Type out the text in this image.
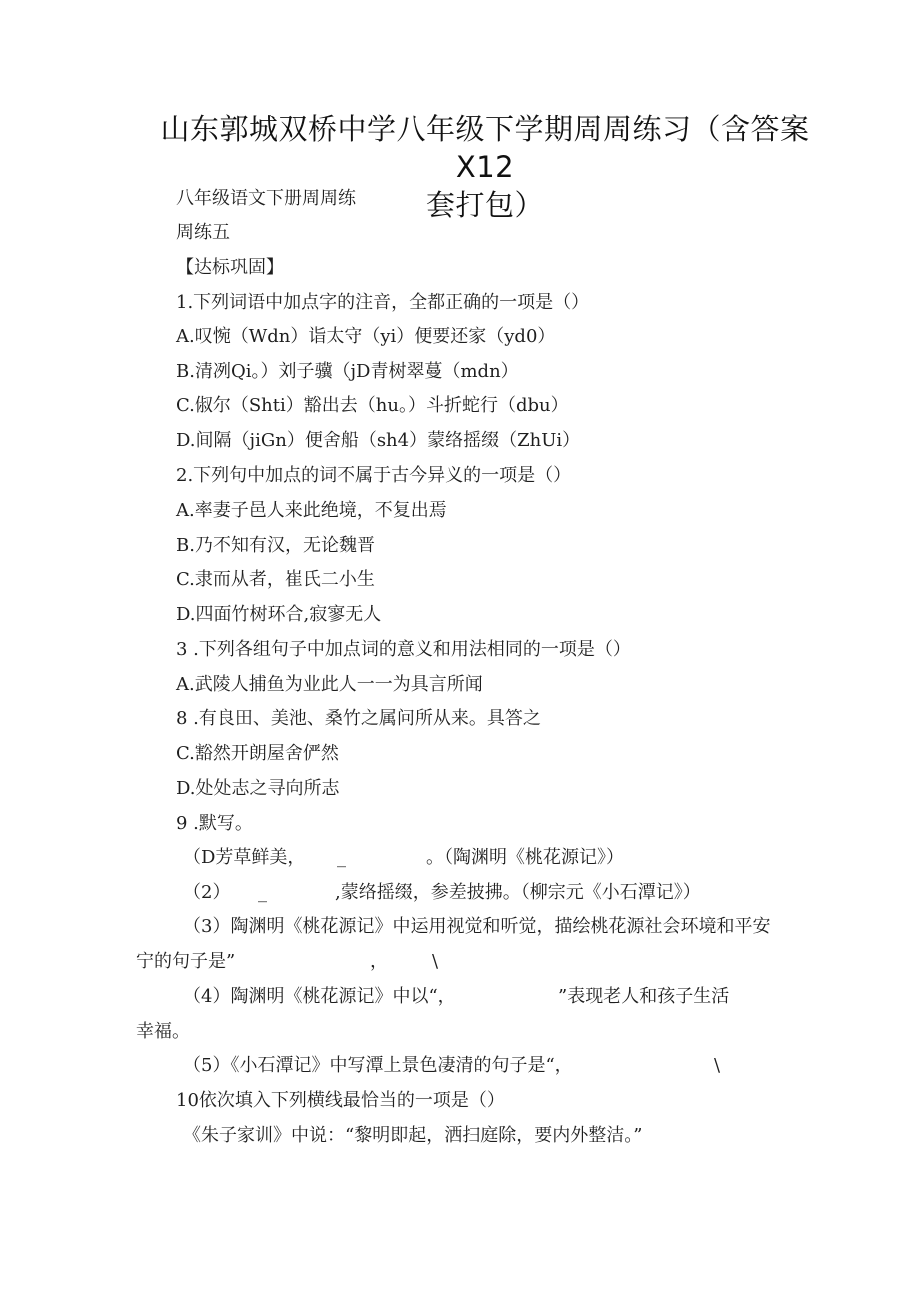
山东郭城双桥中学八年级下学期周周练习（含答案X12
套打包）
八年级语文下册周周练
周练五
【达标巩固】
1.下列词语中加点字的注音，全都正确的一项是（）
A.叹惋（Wdn）诣太守（yi）便要还家（yd0）
B.清冽Qi。）刘子骥（jD青树翠蔓（mdn）
C.俶尔（Shti）豁出去（hu。）斗折蛇行（dbu）
D.间隔（jiGn）便舍船（sh4）蒙络摇缀（ZhUi）
2.下列句中加点的词不属于古今异义的一项是（）
A.率妻子邑人来此绝境，不复出焉
B.乃不知有汉，无论魏晋
C.隶而从者，崔氏二小生
D.四面竹树环合,寂寥无人
3 .下列各组句子中加点词的意义和用法相同的一项是（）
A.武陵人捕鱼为业此人一一为具言所闻
8 .有良田、美池、桑竹之属问所从来。具答之
C.豁然开朗屋舍俨然
D.处处志之寻向所志
9 .默写。
（D芳草鲜美， _	。（陶渊明《桃花源记》）
（2） _	,蒙络摇缀，参差披拂。（柳宗元《小石潭记》）
（3）陶渊明《桃花源记》中运用视觉和听觉，描绘桃花源社会环境和平安
宁的句子是”	， \
（4）陶渊明《桃花源记》中以“，	”表现老人和孩子生活
幸福。
（5）《小石潭记》中写潭上景色凄清的句子是“，	\
10依次填入下列横线最恰当的一项是（）
《朱子家训》中说：“黎明即起，洒扫庭除，要内外整洁。”
